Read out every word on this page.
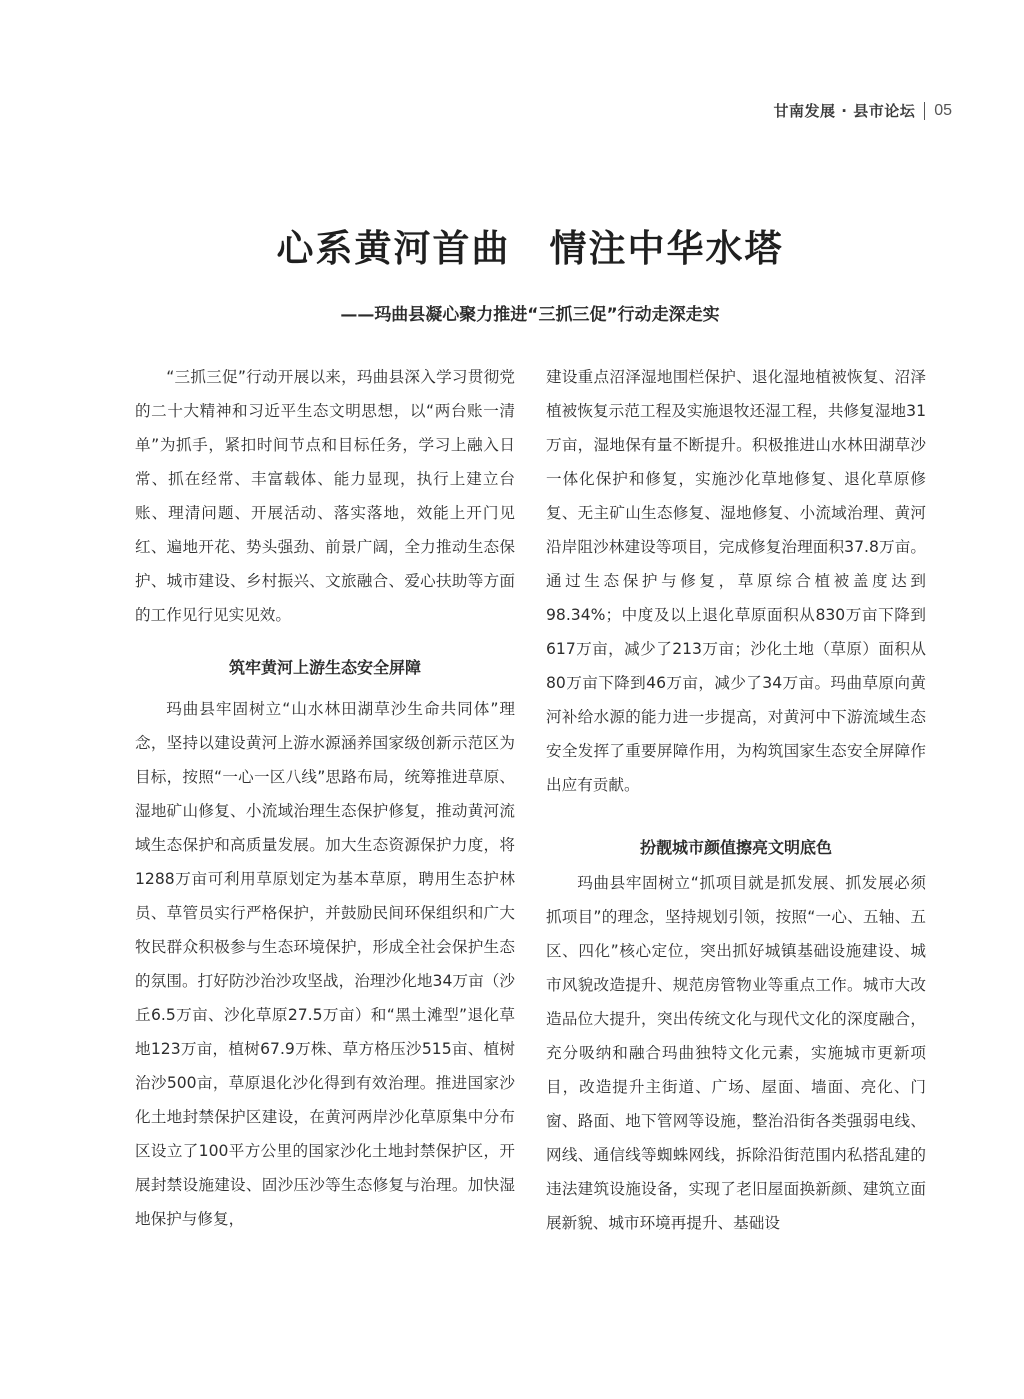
甘南发展 · 县市论坛 05
心系黄河首曲　情注中华水塔
——玛曲县凝心聚力推进“三抓三促”行动走深走实

“三抓三促”行动开展以来，玛曲县深入学习贯彻党的二十大精神和习近平生态文明思想，以“两台账一清单”为抓手，紧扣时间节点和目标任务，学习上融入日常、抓在经常、丰富载体、能力显现，执行上建立台账、理清问题、开展活动、落实落地，效能上开门见红、遍地开花、势头强劲、前景广阔，全力推动生态保护、城市建设、乡村振兴、文旅融合、爱心扶助等方面的工作见行见实见效。

筑牢黄河上游生态安全屏障

玛曲县牢固树立“山水林田湖草沙生命共同体”理念，坚持以建设黄河上游水源涵养国家级创新示范区为目标，按照“一心一区八线”思路布局，统筹推进草原、湿地矿山修复、小流域治理生态保护修复，推动黄河流域生态保护和高质量发展。加大生态资源保护力度，将1288万亩可利用草原划定为基本草原，聘用生态护林员、草管员实行严格保护，并鼓励民间环保组织和广大牧民群众积极参与生态环境保护，形成全社会保护生态的氛围。打好防沙治沙攻坚战，治理沙化地34万亩（沙丘6.5万亩、沙化草原27.5万亩）和“黑土滩型”退化草地123万亩，植树67.9万株、草方格压沙515亩、植树治沙500亩，草原退化沙化得到有效治理。推进国家沙化土地封禁保护区建设，在黄河两岸沙化草原集中分布区设立了100平方公里的国家沙化土地封禁保护区，开展封禁设施建设、固沙压沙等生态修复与治理。加快湿地保护与修复，

建设重点沼泽湿地围栏保护、退化湿地植被恢复、沼泽植被恢复示范工程及实施退牧还湿工程，共修复湿地31万亩，湿地保有量不断提升。积极推进山水林田湖草沙一体化保护和修复，实施沙化草地修复、退化草原修复、无主矿山生态修复、湿地修复、小流域治理、黄河沿岸阻沙林建设等项目，完成修复治理面积37.8万亩。通过生态保护与修复，草原综合植被盖度达到98.34%；中度及以上退化草原面积从830万亩下降到617万亩，减少了213万亩；沙化土地（草原）面积从80万亩下降到46万亩，减少了34万亩。玛曲草原向黄河补给水源的能力进一步提高，对黄河中下游流域生态安全发挥了重要屏障作用，为构筑国家生态安全屏障作出应有贡献。

扮靓城市颜值擦亮文明底色

玛曲县牢固树立“抓项目就是抓发展、抓发展必须抓项目”的理念，坚持规划引领，按照“一心、五轴、五区、四化”核心定位，突出抓好城镇基础设施建设、城市风貌改造提升、规范房管物业等重点工作。城市大改造品位大提升，突出传统文化与现代文化的深度融合，充分吸纳和融合玛曲独特文化元素，实施城市更新项目，改造提升主街道、广场、屋面、墙面、亮化、门窗、路面、地下管网等设施，整治沿街各类强弱电线、网线、通信线等蜘蛛网线，拆除沿街范围内私搭乱建的违法建筑设施设备，实现了老旧屋面换新颜、建筑立面展新貌、城市环境再提升、基础设
